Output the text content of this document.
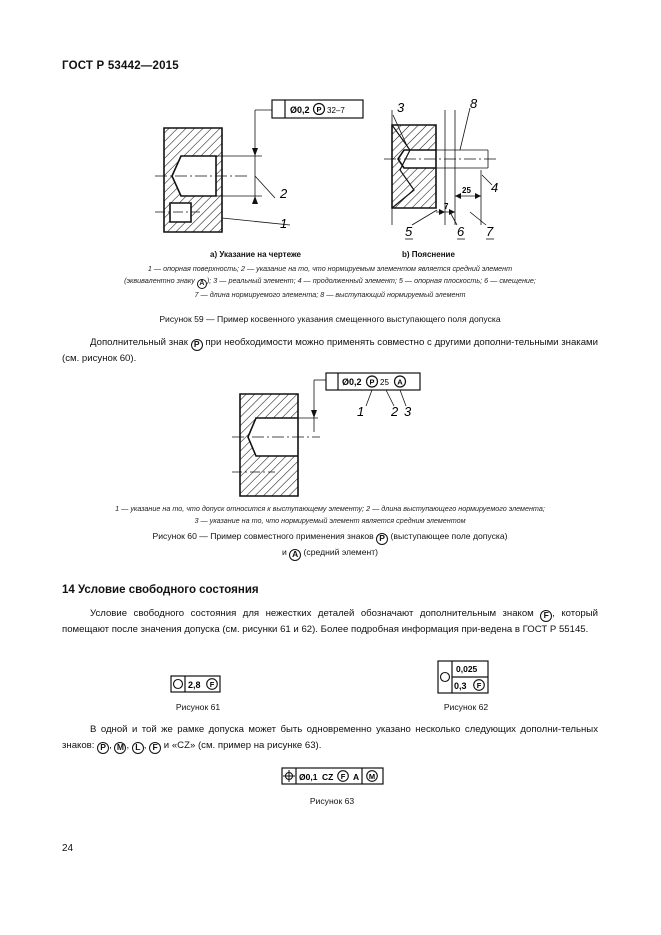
ГОСТ Р 53442—2015
Ø0,2 P 32–7
2
1
3	8
25
7
4
5	6 7
a) Указание на чертеже	b) Пояснение
1 — опорная поверхность; 2 — указание на то, что нормируемым элементом является средний элемент
(эквивалентно знаку A ); 3 — реальный элемент; 4 — продолженный элемент; 5 — опорная плоскость; 6 — смещение;
7 — длина нормируемого элемента; 8 — выступающий нормируемый элемент
Рисунок 59 — Пример косвенного указания смещенного выступающего поля допуска
Дополнительный знак P при необходимости можно применять совместно с другими дополни-тельными знаками (см. рисунок 60).
Ø0,2 P 25 A
1 2 3
1 — указание на то, что допуск относится к выступающему элементу; 2 — длина выступающего нормируемого элемента;
3 — указание на то, что нормируемый элемент является средним элементом
Рисунок 60 — Пример совместного применения знаков P (выступающее поле допуска)
и A (средний элемент)
14 Условие свободного состояния
Условие свободного состояния для нежестких деталей обозначают дополнительным знаком F , который помещают после значения допуска (см. рисунки 61 и 62). Более подробная информация при-ведена в ГОСТ Р 55145.
2,8 F
Рисунок 61
0,025
0,3 F
Рисунок 62
В одной и той же рамке допуска может быть одновременно указано несколько следующих дополни-тельных знаков: P , M , L , F и «CZ» (см. пример на рисунке 63).
Ø0,1 CZ F A M
Рисунок 63
24
